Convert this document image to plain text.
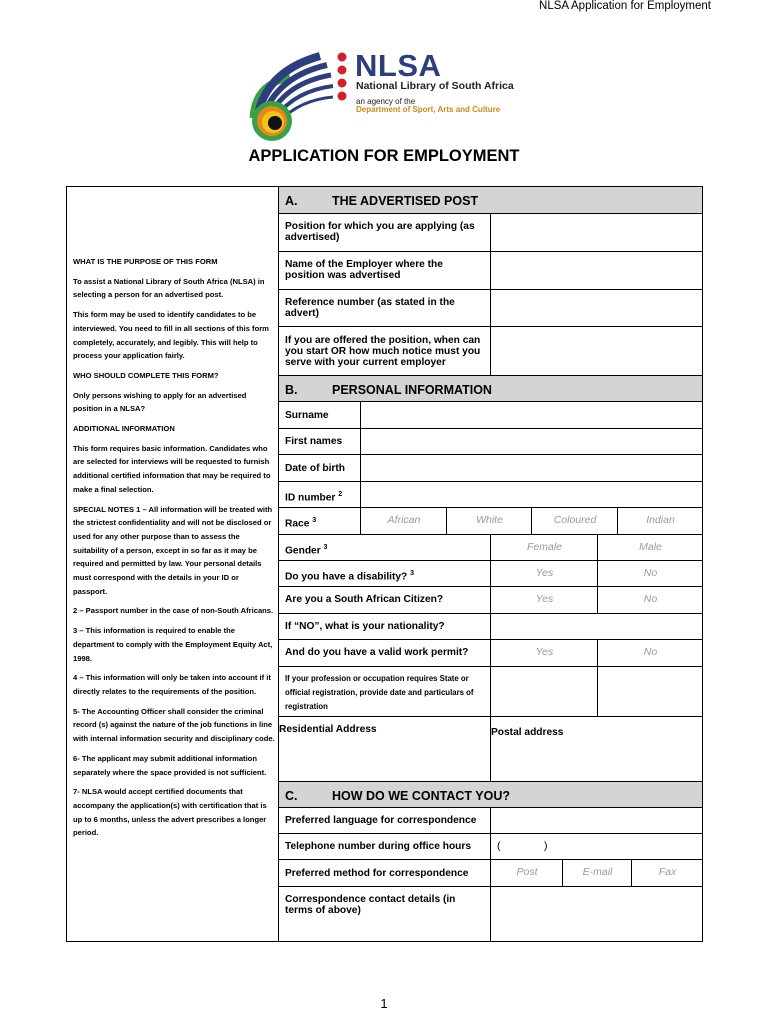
NLSA Application for Employment
NLSA
National Library of South Africa
an agency of the
Department of Sport, Arts and Culture
APPLICATION FOR EMPLOYMENT

WHAT IS THE PURPOSE OF THIS FORM

To assist a National Library of South Africa (NLSA) in selecting a person for an advertised post.

This form may be used to identify candidates to be interviewed. You need to fill in all sections of this form completely, accurately, and legibly. This will help to process your application fairly.

WHO SHOULD COMPLETE THIS FORM?

Only persons wishing to apply for an advertised position in a NLSA?

ADDITIONAL INFORMATION

This form requires basic information. Candidates who are selected for interviews will be requested to furnish additional certified information that may be required to make a final selection.

SPECIAL NOTES 1 – All information will be treated with the strictest confidentiality and will not be disclosed or used for any other purpose than to assess the suitability of a person, except in so far as it may be required and permitted by law. Your personal details must correspond with the details in your ID or passport.

2 – Passport number in the case of non-South Africans.

3 – This information is required to enable the department to comply with the Employment Equity Act, 1998.

4 – This information will only be taken into account if it directly relates to the requirements of the position.

5- The Accounting Officer shall consider the criminal record (s) against the nature of the job functions in line with internal information security and disciplinary code.

6- The applicant may submit additional information separately where the space provided is not sufficient.

7- NLSA would accept certified documents that accompany the application(s) with certification that is up to 6 months, unless the advert prescribes a longer period.

A.	THE ADVERTISED POST
Position for which you are applying (as advertised)
Name of the Employer where the position was advertised
Reference number (as stated in the advert)
If you are offered the position, when can you start OR how much notice must you serve with your current employer
B.	PERSONAL INFORMATION
Surname
First names
Date of birth
ID number $^2$
Race $^3$	African	White	Coloured	Indian
Gender $^3$	Female	Male
Do you have a disability? $^3$	Yes	No
Are you a South African Citizen?	Yes	No
If “NO”, what is your nationality?
And do you have a valid work permit?	Yes	No
If your profession or occupation requires State or official registration, provide date and particulars of registration
Residential Address	Postal address
C.	HOW DO WE CONTACT YOU?
Preferred language for correspondence
Telephone number during office hours (	)
Preferred method for correspondence	Post	E-mail	Fax
Correspondence contact details (in terms of above)
1
